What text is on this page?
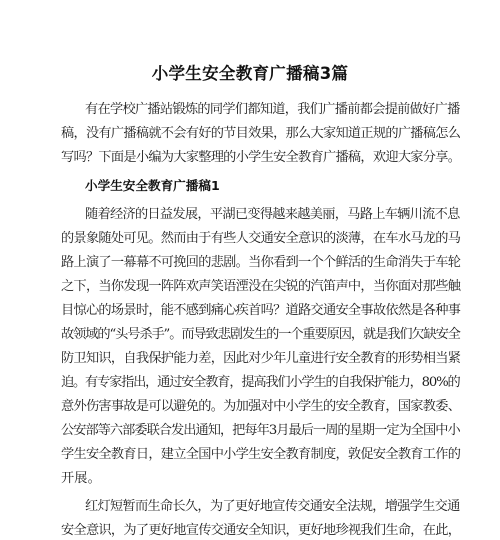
小学生安全教育广播稿3篇
有在学校广播站锻炼的同学们都知道，我们广播前都会提前做好广播
稿，没有广播稿就不会有好的节目效果，那么大家知道正规的广播稿怎么
写吗？下面是小编为大家整理的小学生安全教育广播稿，欢迎大家分享。
小学生安全教育广播稿1
随着经济的日益发展，平湖已变得越来越美丽，马路上车辆川流不息
的景象随处可见。然而由于有些人交通安全意识的淡薄，在车水马龙的马
路上演了一幕幕不可挽回的悲剧。当你看到一个个鲜活的生命消失于车轮
之下，当你发现一阵阵欢声笑语湮没在尖锐的汽笛声中，当你面对那些触
目惊心的场景时，能不感到痛心疾首吗？道路交通安全事故依然是各种事
故领域的“头号杀手”。而导致悲剧发生的一个重要原因，就是我们欠缺安全
防卫知识，自我保护能力差，因此对少年儿童进行安全教育的形势相当紧
迫。有专家指出，通过安全教育，提高我们小学生的自我保护能力，80%的
意外伤害事故是可以避免的。为加强对中小学生的安全教育，国家教委、
公安部等六部委联合发出通知，把每年3月最后一周的星期一定为全国中小
学生安全教育日，建立全国中小学生安全教育制度，敦促安全教育工作的
开展。
红灯短暂而生命长久，为了更好地宣传交通安全法规，增强学生交通
安全意识，为了更好地宣传交通安全知识，更好地珍视我们生命，在此，
